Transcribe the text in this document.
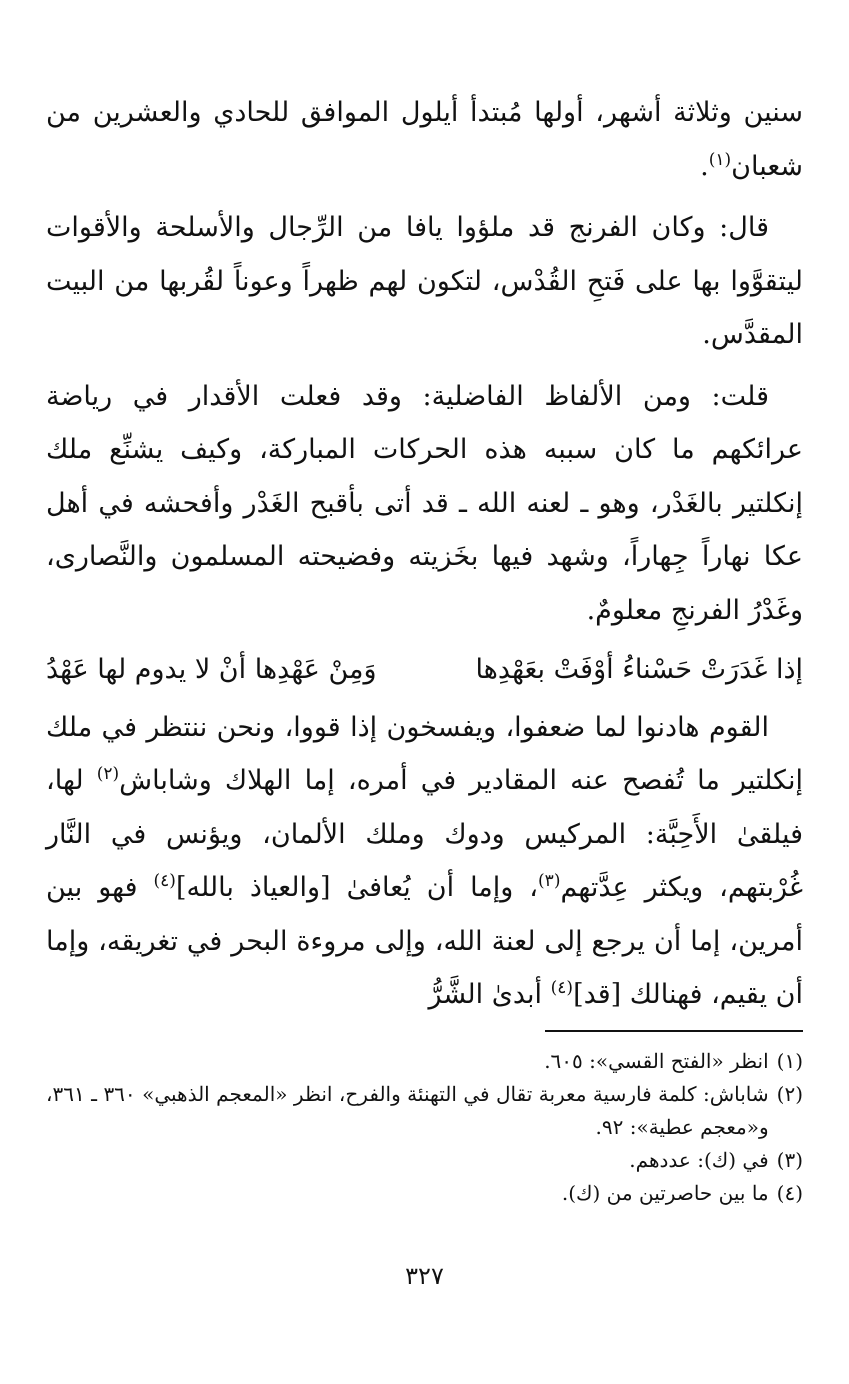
سنين وثلاثة أشهر، أولها مُبتدأ أيلول الموافق للحادي والعشرين من شعبان$^{(١)}$.

قال: وكان الفرنج قد ملؤوا يافا من الرِّجال والأسلحة والأقوات ليتقوَّوا بها على فَتحِ القُدْس، لتكون لهم ظهراً وعوناً لقُربها من البيت المقدَّس.

قلت: ومن الألفاظ الفاضلية: وقد فعلت الأقدار في رياضة عرائكهم ما كان سببه هذه الحركات المباركة، وكيف يشنِّع ملك إنكلتير بالغَدْر، وهو ـ لعنه الله ـ قد أتى بأقبح الغَدْر وأفحشه في أهل عكا نهاراً جِهاراً، وشهد فيها بخَزيته وفضيحته المسلمون والنَّصارى، وغَدْرُ الفرنجِ معلومٌ.

إذا غَدَرَتْ حَسْناءُ أوْفَتْ بعَهْدِها
وَمِنْ عَهْدِها أنْ لا يدوم لها عَهْدُ

القوم هادنوا لما ضعفوا، ويفسخون إذا قووا، ونحن ننتظر في ملك إنكلتير ما تُفصح عنه المقادير في أمره، إما الهلاك وشاباش$^{(٢)}$ لها، فيلقىٰ الأَحِبَّة: المركيس ودوك وملك الألمان، ويؤنس في النَّار غُرْبتهم، ويكثر عِدَّتهم$^{(٣)}$، وإما أن يُعافىٰ [والعياذ بالله]$^{(٤)}$ فهو بين أمرين، إما أن يرجع إلى لعنة الله، وإلى مروءة البحر في تغريقه، وإما أن يقيم، فهنالك [قد]$^{(٤)}$ أبدىٰ الشَّرُّ

(١)
انظر «الفتح القسي»: ٦٠٥.
(٢)
شاباش: كلمة فارسية معربة تقال في التهنئة والفرح، انظر «المعجم الذهبي» ٣٦٠ ـ ٣٦١، و«معجم عطية»: ٩٢.
(٣)
في (ك): عددهم.
(٤)
ما بين حاصرتين من (ك).
٣٢٧
